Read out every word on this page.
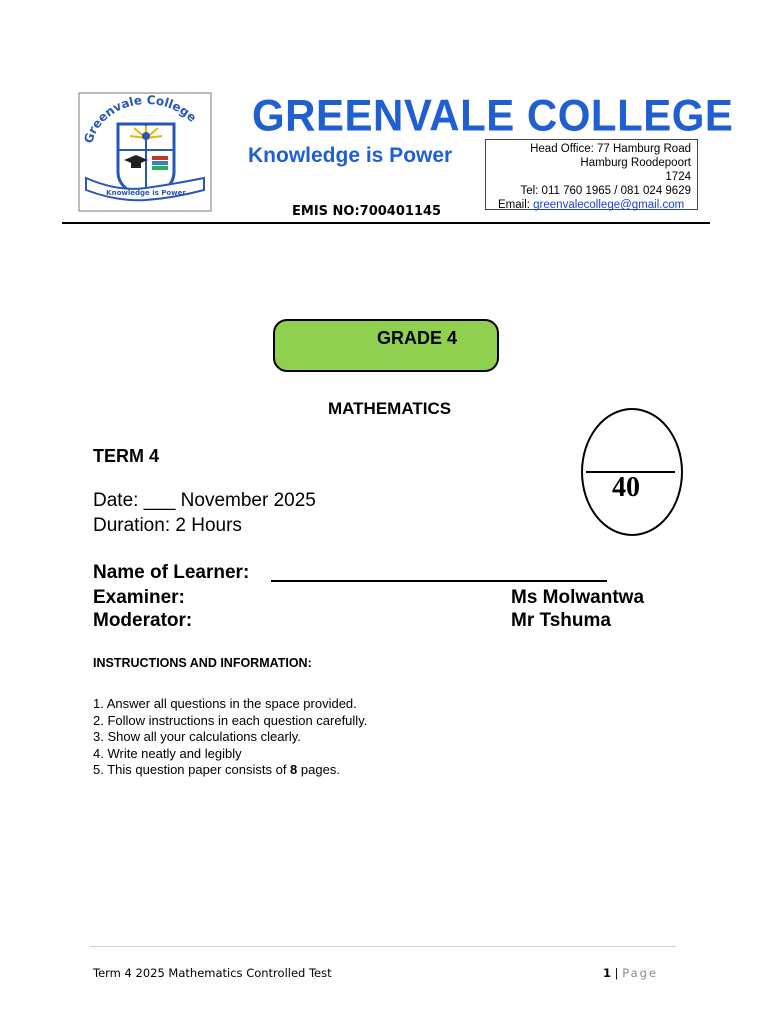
Greenvale College
Knowledge is Power
GREENVALE COLLEGE
Knowledge is Power	Head Office: 77 Hamburg Road
Hamburg Roodepoort
1724
Tel: 011 760 1965 / 081 024 9629
Email: greenvalecollege@gmail.com
EMIS NO:700401145
GRADE 4
MATHEMATICS
40
TERM 4
Date: ___ November 2025
Duration: 2 Hours
Name of Learner:
Examiner:	Ms Molwantwa
Moderator:	Mr Tshuma
INSTRUCTIONS AND INFORMATION:
1. Answer all questions in the space provided.
2. Follow instructions in each question carefully.
3. Show all your calculations clearly.
4. Write neatly and legibly
5. This question paper consists of 8 pages.
Term 4 2025 Mathematics Controlled Test	1 | Page
